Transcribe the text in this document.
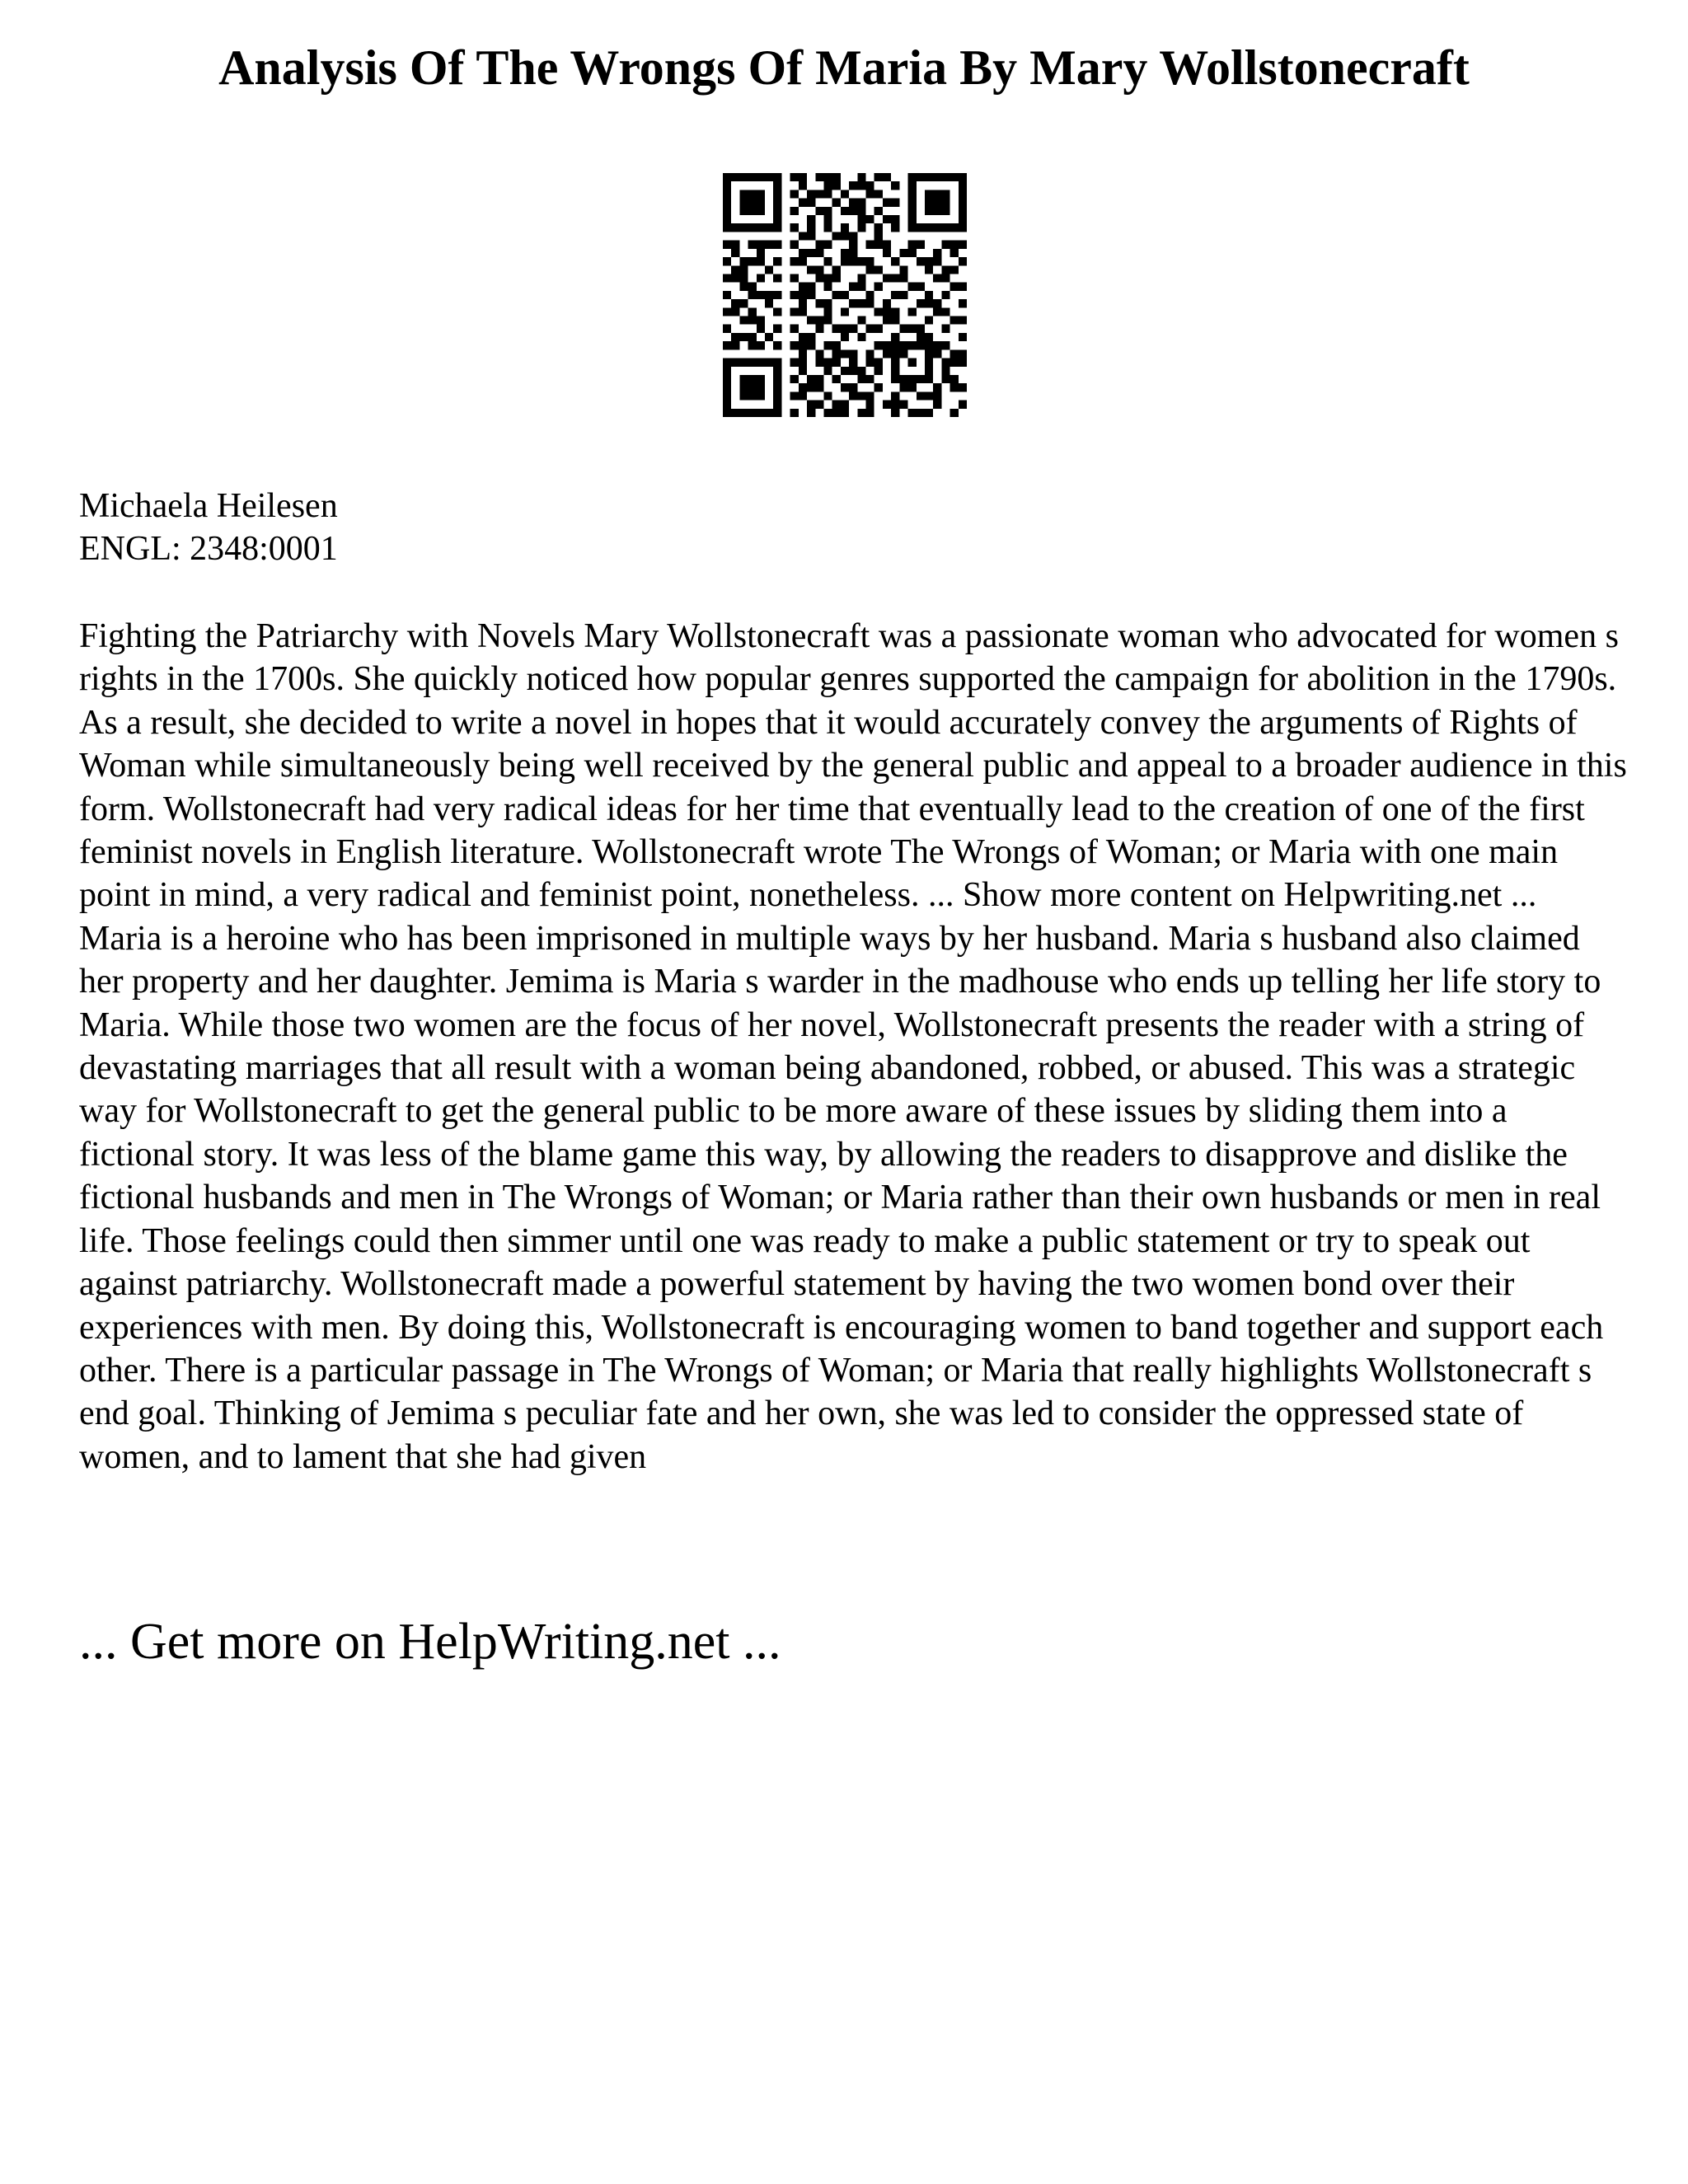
Analysis Of The Wrongs Of Maria By Mary Wollstonecraft
Michaela Heilesen
ENGL: 2348:0001

Fighting the Patriarchy with Novels Mary Wollstonecraft was a passionate woman who advocated for women s rights in the 1700s. She quickly noticed how popular genres supported the campaign for abolition in the 1790s. As a result, she decided to write a novel in hopes that it would accurately convey the arguments of Rights of Woman while simultaneously being well received by the general public and appeal to a broader audience in this form. Wollstonecraft had very radical ideas for her time that eventually lead to the creation of one of the first feminist novels in English literature. Wollstonecraft wrote The Wrongs of Woman; or Maria with one main point in mind, a very radical and feminist point, nonetheless. ... Show more content on Helpwriting.net ...

Maria is a heroine who has been imprisoned in multiple ways by her husband. Maria s husband also claimed her property and her daughter. Jemima is Maria s warder in the madhouse who ends up telling her life story to Maria. While those two women are the focus of her novel, Wollstonecraft presents the reader with a string of devastating marriages that all result with a woman being abandoned, robbed, or abused. This was a strategic way for Wollstonecraft to get the general public to be more aware of these issues by sliding them into a fictional story. It was less of the blame game this way, by allowing the readers to disapprove and dislike the fictional husbands and men in The Wrongs of Woman; or Maria rather than their own husbands or men in real life. Those feelings could then simmer until one was ready to make a public statement or try to speak out against patriarchy. Wollstonecraft made a powerful statement by having the two women bond over their experiences with men. By doing this, Wollstonecraft is encouraging women to band together and support each other. There is a particular passage in The Wrongs of Woman; or Maria that really highlights Wollstonecraft s end goal. Thinking of Jemima s peculiar fate and her own, she was led to consider the oppressed state of women, and to lament that she had given

... Get more on HelpWriting.net ...
